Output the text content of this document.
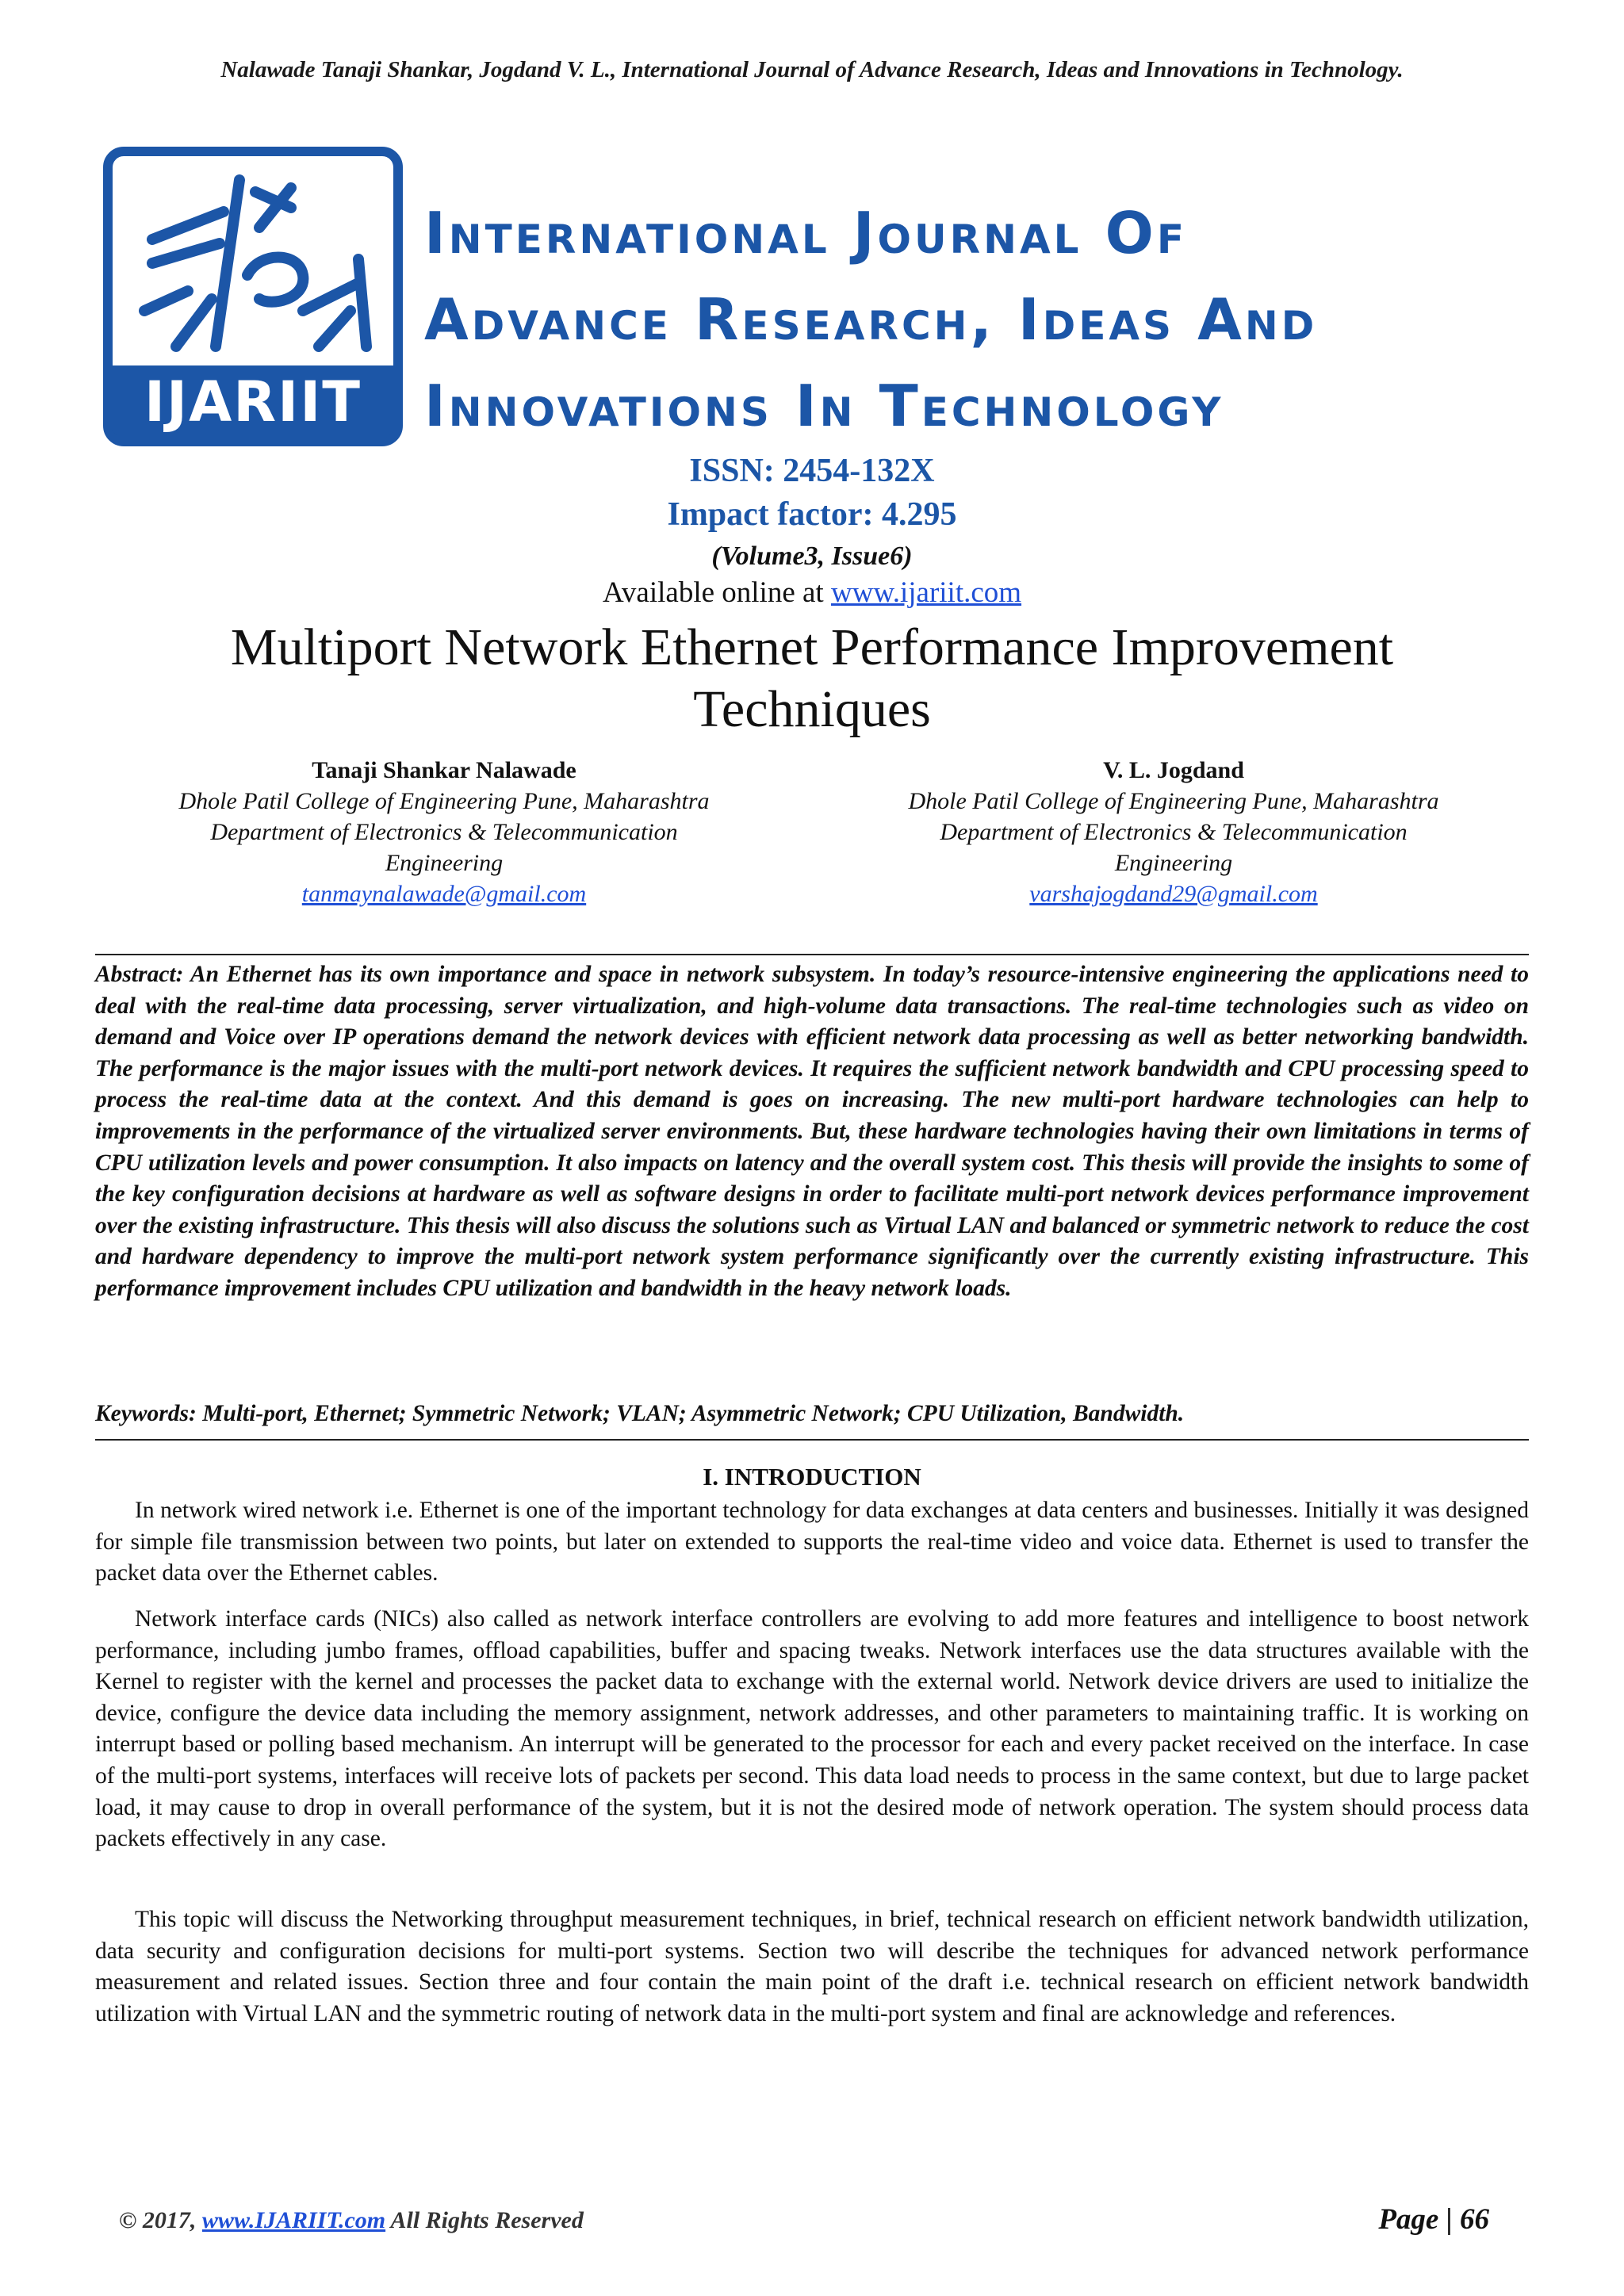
Nalawade Tanaji Shankar, Jogdand V. L., International Journal of Advance Research, Ideas and Innovations in Technology.
IJARIIT
International Journal Of
Advance Research, Ideas And
Innovations In Technology
ISSN: 2454-132X
Impact factor: 4.295
(Volume3, Issue6)
Available online at www.ijariit.com
Multiport Network Ethernet Performance Improvement Techniques
Tanaji Shankar Nalawade
Dhole Patil College of Engineering Pune, Maharashtra
Department of Electronics & Telecommunication
Engineering
tanmaynalawade@gmail.com
V. L. Jogdand
Dhole Patil College of Engineering Pune, Maharashtra
Department of Electronics & Telecommunication
Engineering
varshajogdand29@gmail.com
Abstract: An Ethernet has its own importance and space in network subsystem. In today’s resource-intensive engineering the applications need to deal with the real-time data processing, server virtualization, and high-volume data transactions. The real-time technologies such as video on demand and Voice over IP operations demand the network devices with efficient network data processing as well as better networking bandwidth. The performance is the major issues with the multi-port network devices. It requires the sufficient network bandwidth and CPU processing speed to process the real-time data at the context. And this demand is goes on increasing. The new multi-port hardware technologies can help to improvements in the performance of the virtualized server environments. But, these hardware technologies having their own limitations in terms of CPU utilization levels and power consumption. It also impacts on latency and the overall system cost. This thesis will provide the insights to some of the key configuration decisions at hardware as well as software designs in order to facilitate multi-port network devices performance improvement over the existing infrastructure. This thesis will also discuss the solutions such as Virtual LAN and balanced or symmetric network to reduce the cost and hardware dependency to improve the multi-port network system performance significantly over the currently existing infrastructure. This performance improvement includes CPU utilization and bandwidth in the heavy network loads.
Keywords: Multi-port, Ethernet; Symmetric Network; VLAN; Asymmetric Network; CPU Utilization, Bandwidth.
I. INTRODUCTION

In network wired network i.e. Ethernet is one of the important technology for data exchanges at data centers and businesses. Initially it was designed for simple file transmission between two points, but later on extended to supports the real-time video and voice data. Ethernet is used to transfer the packet data over the Ethernet cables.

Network interface cards (NICs) also called as network interface controllers are evolving to add more features and intelligence to boost network performance, including jumbo frames, offload capabilities, buffer and spacing tweaks. Network interfaces use the data structures available with the Kernel to register with the kernel and processes the packet data to exchange with the external world. Network device drivers are used to initialize the device, configure the device data including the memory assignment, network addresses, and other parameters to maintaining traffic. It is working on interrupt based or polling based mechanism. An interrupt will be generated to the processor for each and every packet received on the interface. In case of the multi-port systems, interfaces will receive lots of packets per second. This data load needs to process in the same context, but due to large packet load, it may cause to drop in overall performance of the system, but it is not the desired mode of network operation. The system should process data packets effectively in any case.

This topic will discuss the Networking throughput measurement techniques, in brief, technical research on efficient network bandwidth utilization, data security and configuration decisions for multi-port systems. Section two will describe the techniques for advanced network performance measurement and related issues. Section three and four contain the main point of the draft i.e. technical research on efficient network bandwidth utilization with Virtual LAN and the symmetric routing of network data in the multi-port system and final are acknowledge and references.

© 2017, www.IJARIIT.com All Rights Reserved	Page | 66
